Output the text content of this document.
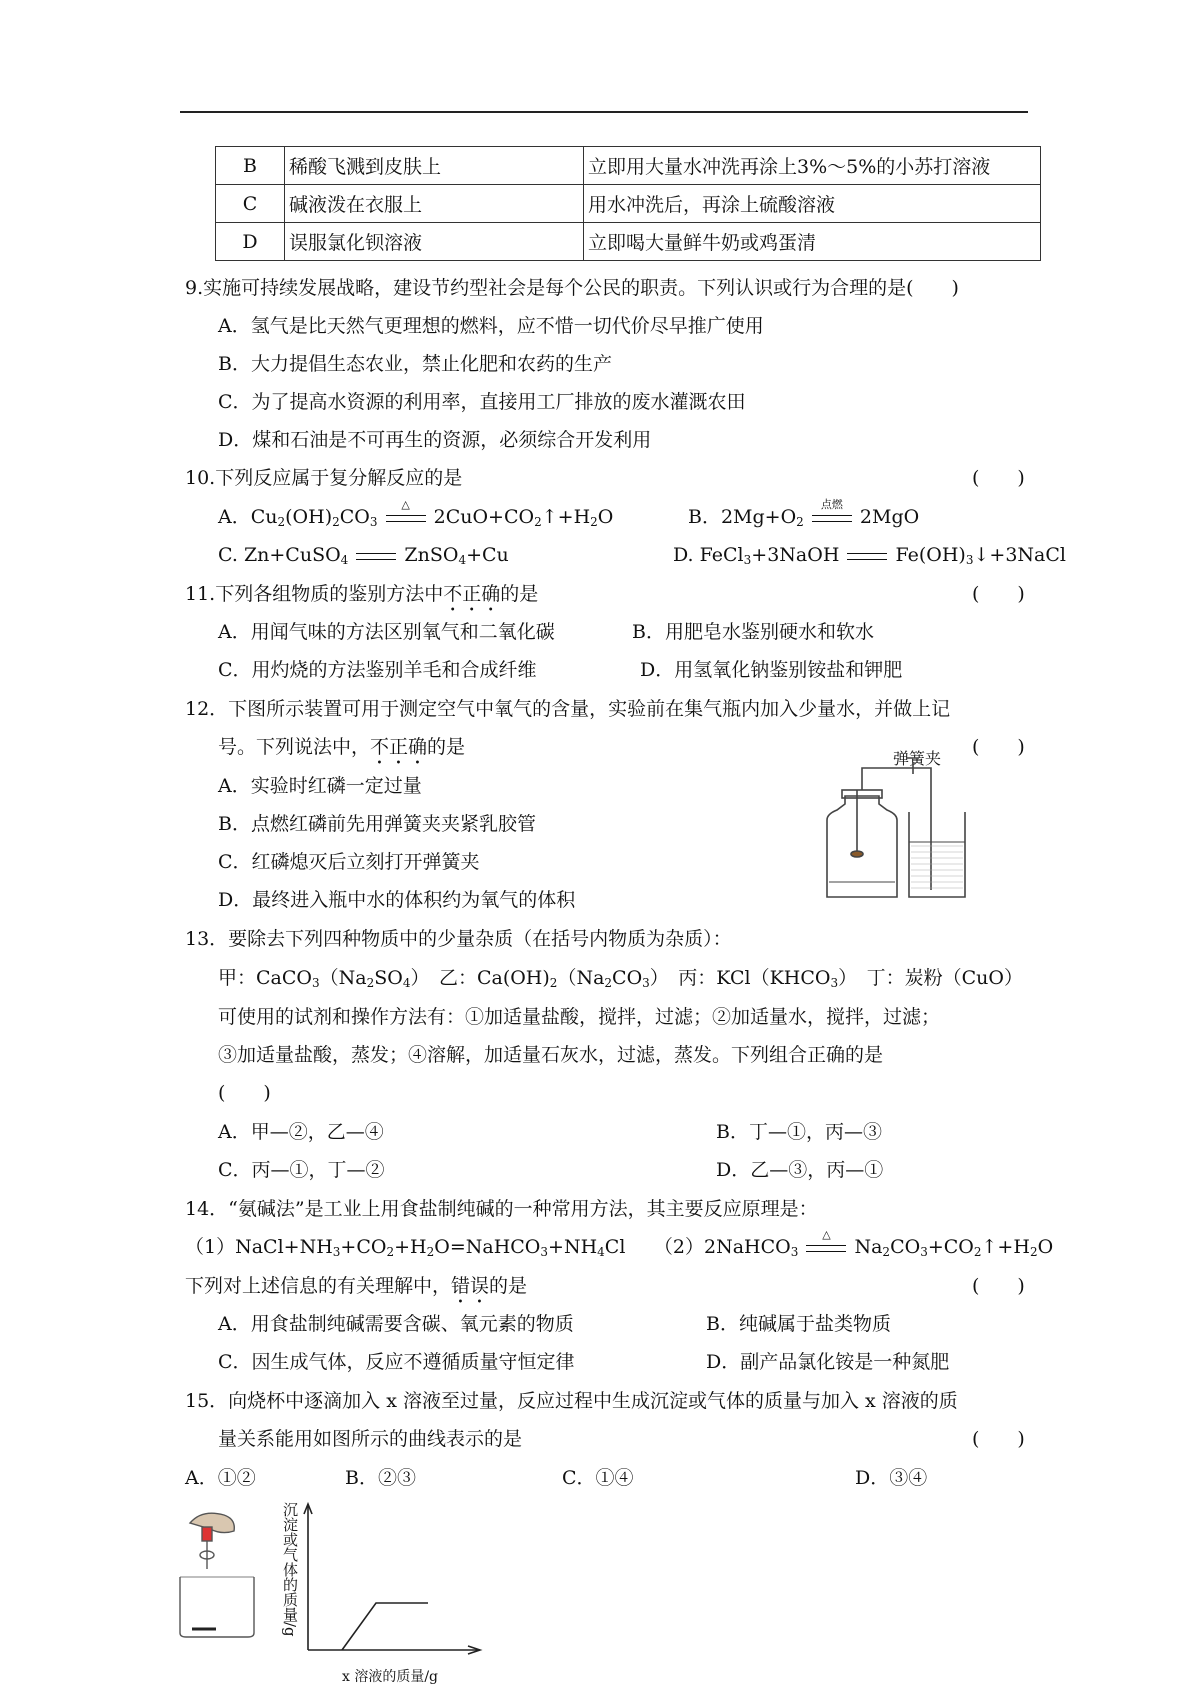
B	稀酸飞溅到皮肤上	立即用大量水冲洗再涂上3%～5%的小苏打溶液
C	碱液泼在衣服上	用水冲洗后，再涂上硫酸溶液
D	误服氯化钡溶液	立即喝大量鲜牛奶或鸡蛋清
9.实施可持续发展战略，建设节约型社会是每个公民的职责。下列认识或行为合理的是(　　)
A．氢气是比天然气更理想的燃料，应不惜一切代价尽早推广使用
B．大力提倡生态农业，禁止化肥和农药的生产
C．为了提高水资源的利用率，直接用工厂排放的废水灌溉农田
D．煤和石油是不可再生的资源，必须综合开发利用
10.下列反应属于复分解反应的是	(　　)
A．$Cu_2(OH)_2CO_3$
△
$2CuO+CO_2↑+H_2O$	B．$2Mg+O_2$
点燃
2MgO
C. Zn+CuSO$_4$	ZnSO$_4$+Cu	D. FeCl$_3$+3NaOH
$Fe(OH)_3↓+3NaCl$
11.下列各组物质的鉴别方法中不正确的是	(　　)
A．用闻气味的方法区别氧气和二氧化碳	B．用肥皂水鉴别硬水和软水
C．用灼烧的方法鉴别羊毛和合成纤维	D．用氢氧化钠鉴别铵盐和钾肥
12．下图所示装置可用于测定空气中氧气的含量，实验前在集气瓶内加入少量水，并做上记
号。下列说法中，不正确的是	(　　)
A．实验时红磷一定过量
B．点燃红磷前先用弹簧夹夹紧乳胶管
C．红磷熄灭后立刻打开弹簧夹
D．最终进入瓶中水的体积约为氧气的体积
弹簧夹
13．要除去下列四种物质中的少量杂质（在括号内物质为杂质）：
甲：$CaCO_3(Na_2SO_4)$　乙：$Ca(OH)_2(Na_2CO_3)$　丙：$KCl(KHCO_3)$　丁：炭粉（CuO）
可使用的试剂和操作方法有：①加适量盐酸，搅拌，过滤；②加适量水，搅拌，过滤；
③加适量盐酸，蒸发；④溶解，加适量石灰水，过滤，蒸发。下列组合正确的是
(　　)
A．甲—②，乙—④	B．丁—①，丙—③
C．丙—①，丁—②	D．乙—③，丙—①
14．“氨碱法”是工业上用食盐制纯碱的一种常用方法，其主要反应原理是：
$(1)NaCl+NH_3+CO_2+H_2O=NaHCO_3+NH_4Cl$　　（2）2NaHCO$_3$
△
$Na_2CO_3+CO_2↑+H_2O$
下列对上述信息的有关理解中，错误的是	(　　)
A．用食盐制纯碱需要含碳、氧元素的物质	B．纯碱属于盐类物质
C．因生成气体，反应不遵循质量守恒定律	D．副产品氯化铵是一种氮肥
15．向烧杯中逐滴加入 x 溶液至过量，反应过程中生成沉淀或气体的质量与加入 x 溶液的质
量关系能用如图所示的曲线表示的是	(　　)
A．①②	B．②③	C．①④	D．③④
沉淀或气体的质量/g
x 溶液的质量/g
